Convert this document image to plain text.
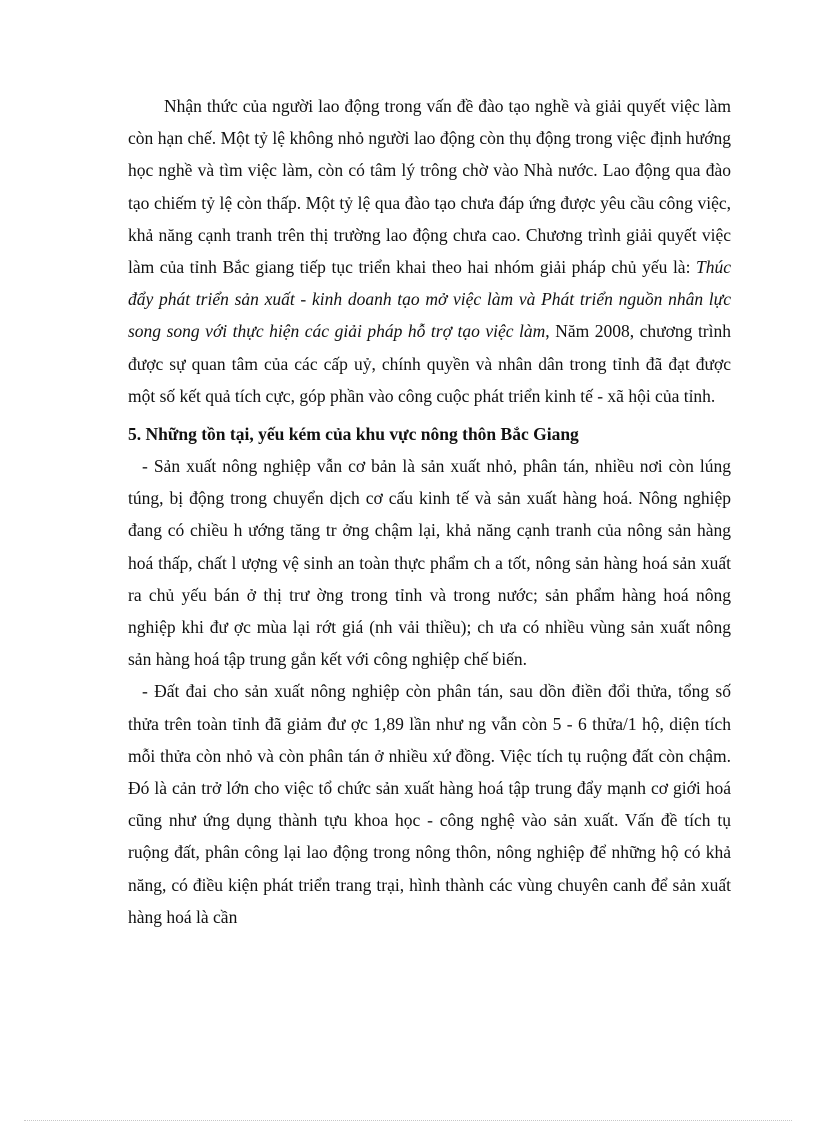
Nhận thức của người lao động trong vấn đề đào tạo nghề và giải quyết việc làm còn hạn chế. Một tỷ lệ không nhỏ người lao động còn thụ động trong việc định hướng học nghề và tìm việc làm, còn có tâm lý trông chờ vào Nhà nước. Lao động qua đào tạo chiếm tỷ lệ còn thấp. Một tỷ lệ qua đào tạo chưa đáp ứng được yêu cầu công việc, khả năng cạnh tranh trên thị trường lao động chưa cao. Chương trình giải quyết việc làm của tỉnh Bắc giang tiếp tục triển khai theo hai nhóm giải pháp chủ yếu là: Thúc đẩy phát triển sản xuất - kinh doanh tạo mở việc làm và Phát triển nguồn nhân lực song song với thực hiện các giải pháp hỗ trợ tạo việc làm, Năm 2008, chương trình được sự quan tâm của các cấp uỷ, chính quyền và nhân dân trong tỉnh đã đạt được một số kết quả tích cực, góp phần vào công cuộc phát triển kinh tế - xã hội của tỉnh.

5. Những tồn tại, yếu kém của khu vực nông thôn Bắc Giang

- Sản xuất nông nghiệp vẫn cơ bản là sản xuất nhỏ, phân tán, nhiều nơi còn lúng túng, bị động trong chuyển dịch cơ cấu kinh tế và sản xuất hàng hoá. Nông nghiệp đang có chiều h ướng tăng tr ởng chậm lại, khả năng cạnh tranh của nông sản hàng hoá thấp, chất l ượng vệ sinh an toàn thực phẩm ch a tốt, nông sản hàng hoá sản xuất ra chủ yếu bán ở thị trư ờng trong tỉnh và trong nước; sản phẩm hàng hoá nông nghiệp khi đư ợc mùa lại rớt giá (nh vải thiều); ch ưa có nhiều vùng sản xuất nông sản hàng hoá tập trung gắn kết với công nghiệp chế biến.

- Đất đai cho sản xuất nông nghiệp còn phân tán, sau dồn điền đổi thửa, tổng số thửa trên toàn tỉnh đã giảm đư ợc 1,89 lần như ng vẫn còn 5 - 6 thửa/1 hộ, diện tích mỗi thửa còn nhỏ và còn phân tán ở nhiều xứ đồng. Việc tích tụ ruộng đất còn chậm. Đó là cản trở lớn cho việc tổ chức sản xuất hàng hoá tập trung đẩy mạnh cơ giới hoá cũng như ứng dụng thành tựu khoa học - công nghệ vào sản xuất. Vấn đề tích tụ ruộng đất, phân công lại lao động trong nông thôn, nông nghiệp để những hộ có khả năng, có điều kiện phát triển trang trại, hình thành các vùng chuyên canh để sản xuất hàng hoá là cần
